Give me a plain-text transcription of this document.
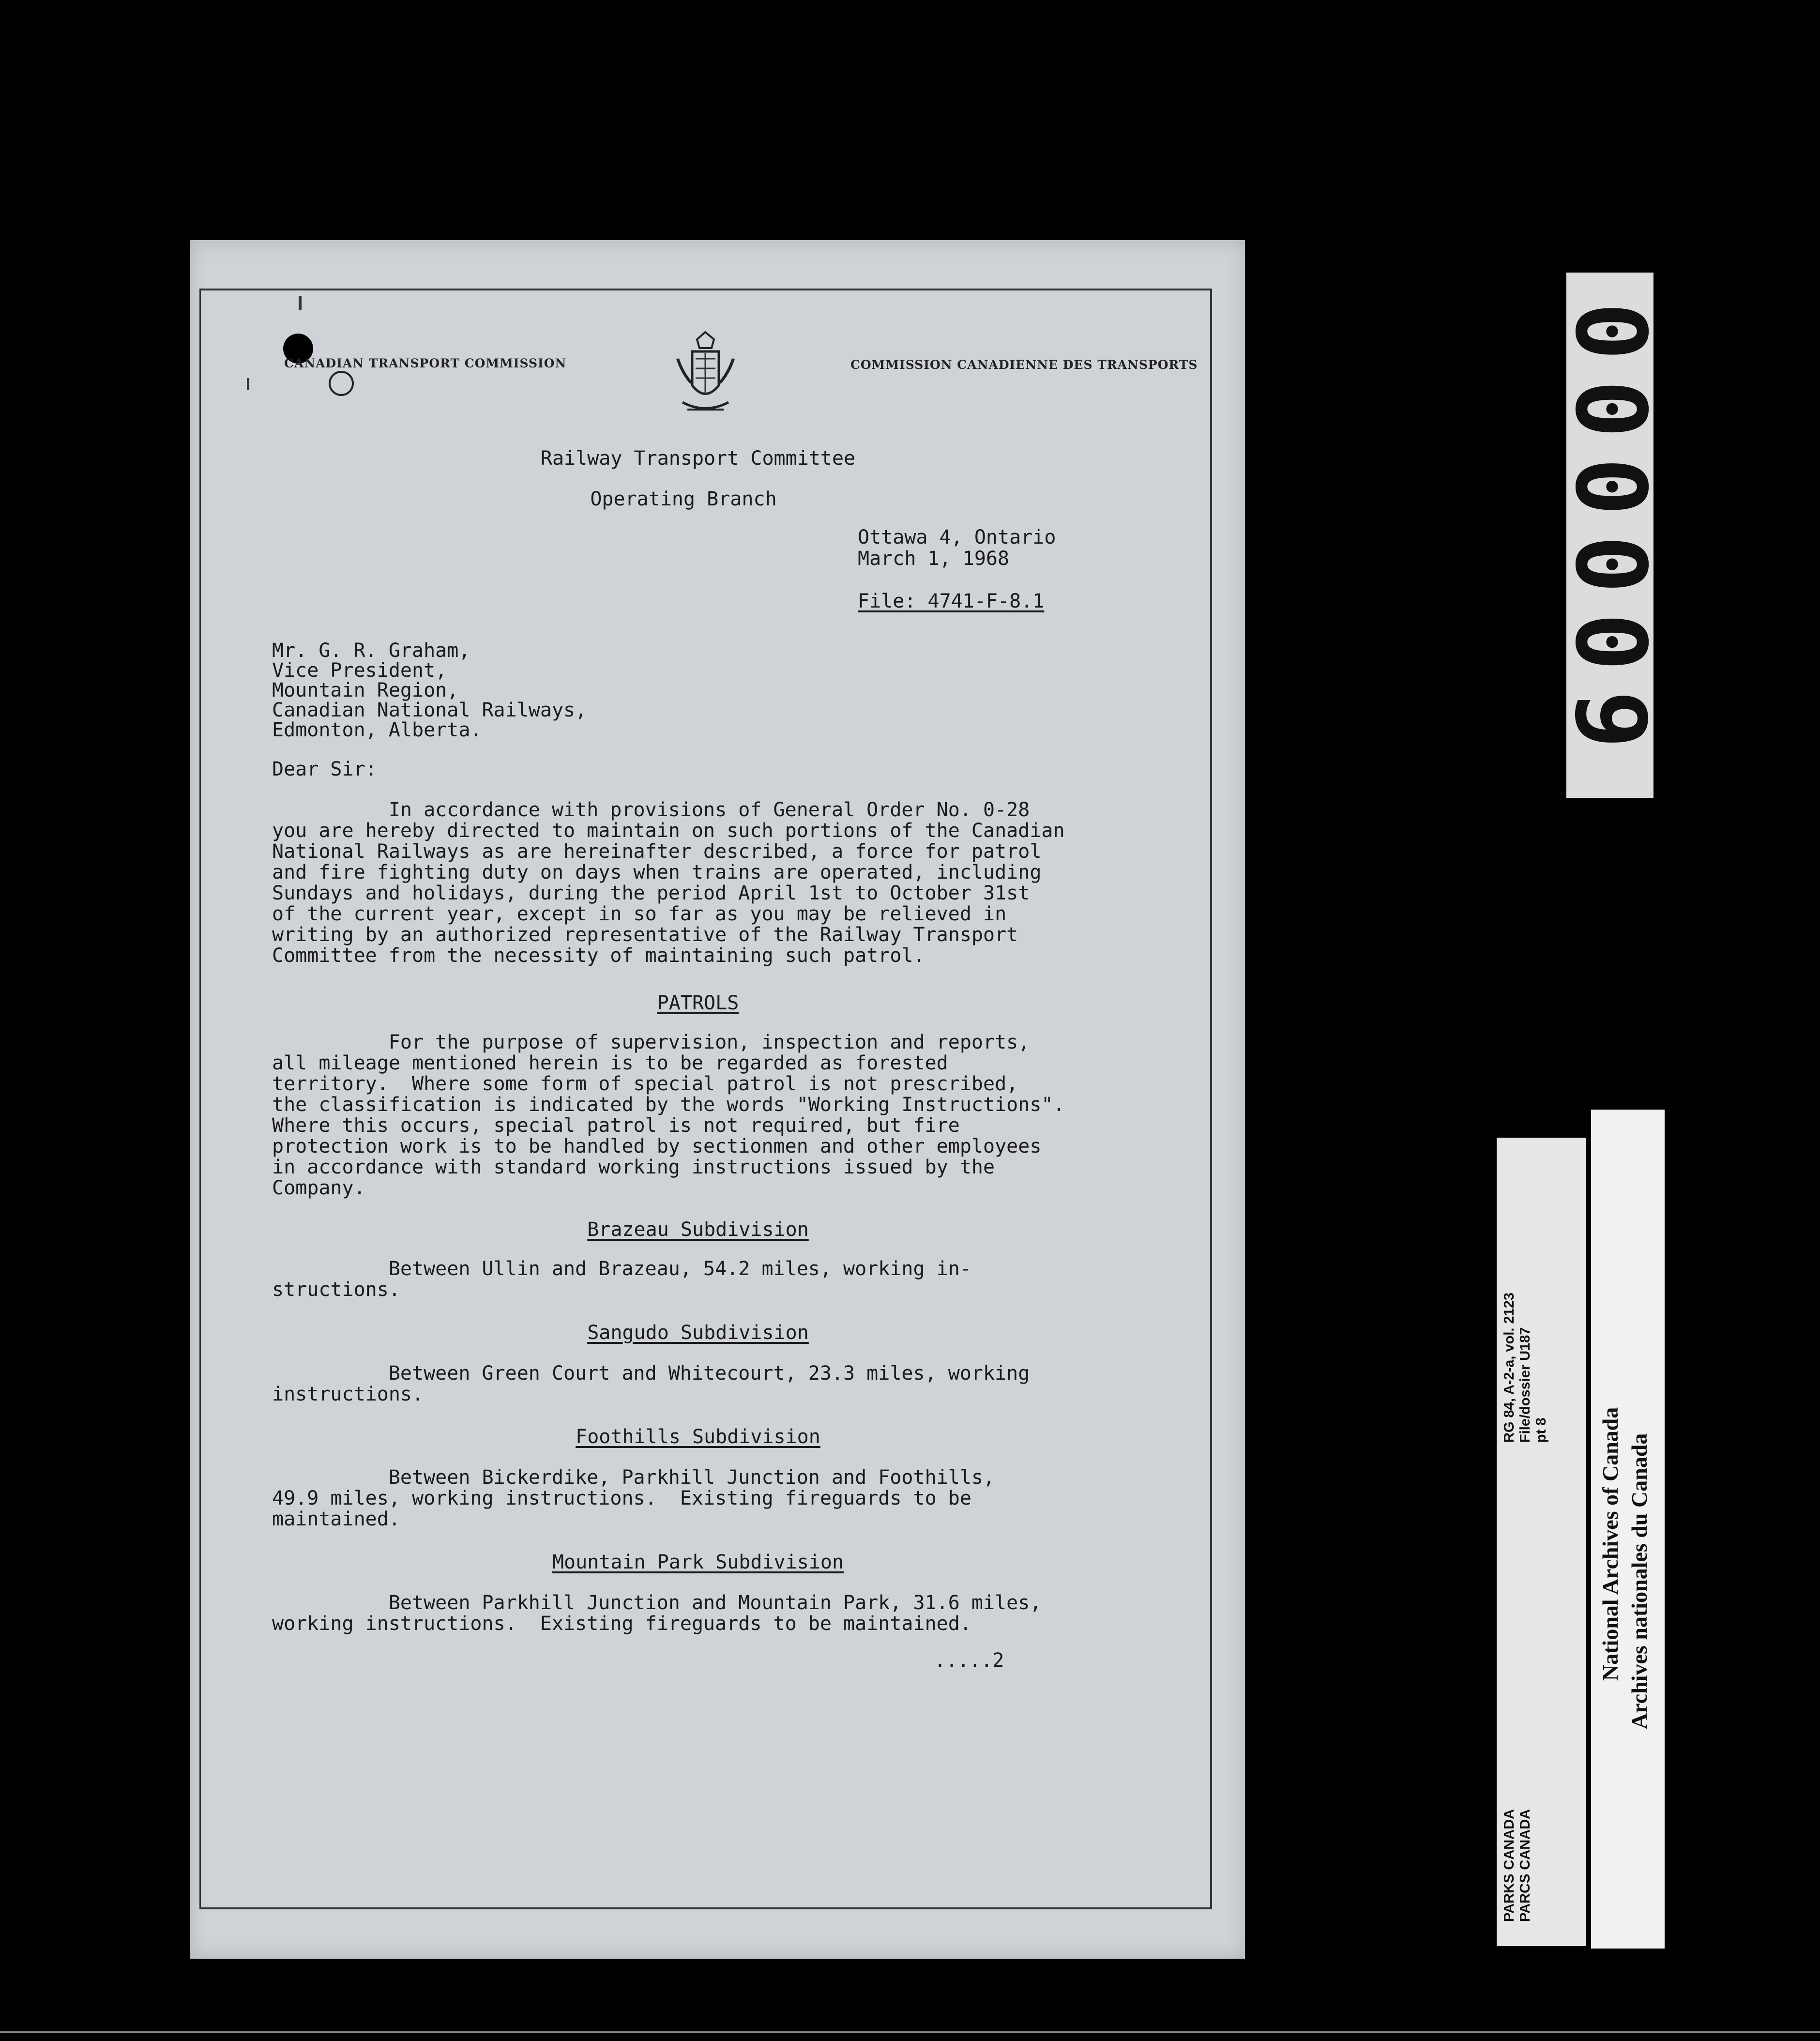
CANADIAN TRANSPORT COMMISSION	COMMISSION CANADIENNE DES TRANSPORTS
Railway Transport Committee
Operating Branch
Ottawa 4, Ontario
March 1, 1968
File: 4741-F-8.1
Mr. G. R. Graham,
Vice President,
Mountain Region,
Canadian National Railways,
Edmonton, Alberta.
Dear Sir:
In accordance with provisions of General Order No. 0-28
you are hereby directed to maintain on such portions of the Canadian
National Railways as are hereinafter described, a force for patrol
and fire fighting duty on days when trains are operated, including
Sundays and holidays, during the period April 1st to October 31st
of the current year, except in so far as you may be relieved in
writing by an authorized representative of the Railway Transport
Committee from the necessity of maintaining such patrol.
PATROLS
For the purpose of supervision, inspection and reports,
all mileage mentioned herein is to be regarded as forested
territory.  Where some form of special patrol is not prescribed,
the classification is indicated by the words "Working Instructions".
Where this occurs, special patrol is not required, but fire
protection work is to be handled by sectionmen and other employees
in accordance with standard working instructions issued by the
Company.
Brazeau Subdivision
Between Ullin and Brazeau, 54.2 miles, working in-
structions.
Sangudo Subdivision
Between Green Court and Whitecourt, 23.3 miles, working
instructions.
Foothills Subdivision
Between Bickerdike, Parkhill Junction and Foothills,
49.9 miles, working instructions.  Existing fireguards to be
maintained.
Mountain Park Subdivision
Between Parkhill Junction and Mountain Park, 31.6 miles,
working instructions.  Existing fireguards to be maintained.
.....2
000009
RG 84, A-2-a, vol. 2123
File/dossier U187
pt 8
PARKS CANADA
PARCS CANADA
National Archives of Canada Archives nationales du Canada
